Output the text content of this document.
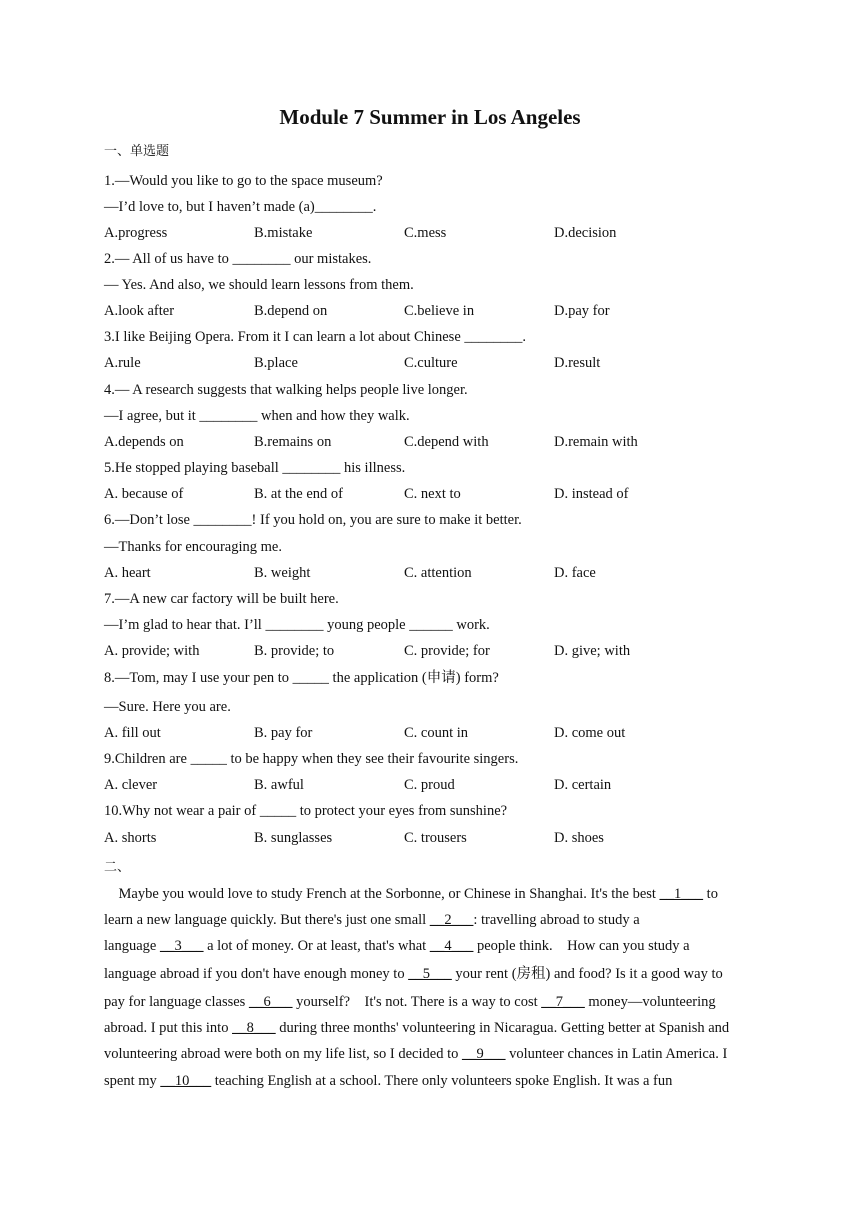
Module 7 Summer in Los Angeles
一、单选题
1.—Would you like to go to the space museum?
—I’d love to, but I haven’t made (a)________.
A.progress	B.mistake	C.mess	D.decision
2.— All of us have to ________ our mistakes.
— Yes. And also, we should learn lessons from them.
A.look after	B.depend on	C.believe in	D.pay for
3.I like Beijing Opera. From it I can learn a lot about Chinese ________.
A.rule	B.place	C.culture	D.result
4.— A research suggests that walking helps people live longer.
—I agree, but it ________ when and how they walk.
A.depends on	B.remains on	C.depend with	D.remain with
5.He stopped playing baseball ________ his illness.
A. because of	B. at the end of	C. next to	D. instead of
6.—Don’t lose ________! If you hold on, you are sure to make it better.
—Thanks for encouraging me.
A. heart	B. weight	C. attention	D. face
7.—A new car factory will be built here.
—I’m glad to hear that. I’ll ________ young people ______ work.
A. provide; with	B. provide; to	C. provide; for	D. give; with
8.—Tom, may I use your pen to _____ the application (申请) form?
—Sure. Here you are.
A. fill out	B. pay for	C. count in	D. come out
9.Children are _____ to be happy when they see their favourite singers.
A. clever	B. awful	C. proud	D. certain
10.Why not wear a pair of _____ to protect your eyes from sunshine?
A. shorts	B. sunglasses	C. trousers	D. shoes
二、
Maybe you would love to study French at the Sorbonne, or Chinese in Shanghai. It's the best __1___ to
learn a new language quickly. But there's just one small __2___: travelling abroad to study a
language __3___ a lot of money. Or at least, that's what __4___ people think.    How can you study a
language abroad if you don't have enough money to __5___ your rent (房租) and food? Is it a good way to
pay for language classes __6___ yourself?    It's not. There is a way to cost __7___ money—volunteering
abroad. I put this into __8___ during three months' volunteering in Nicaragua. Getting better at Spanish and
volunteering abroad were both on my life list, so I decided to __9___ volunteer chances in Latin America. I
spent my __10___ teaching English at a school. There only volunteers spoke English. It was a fun
